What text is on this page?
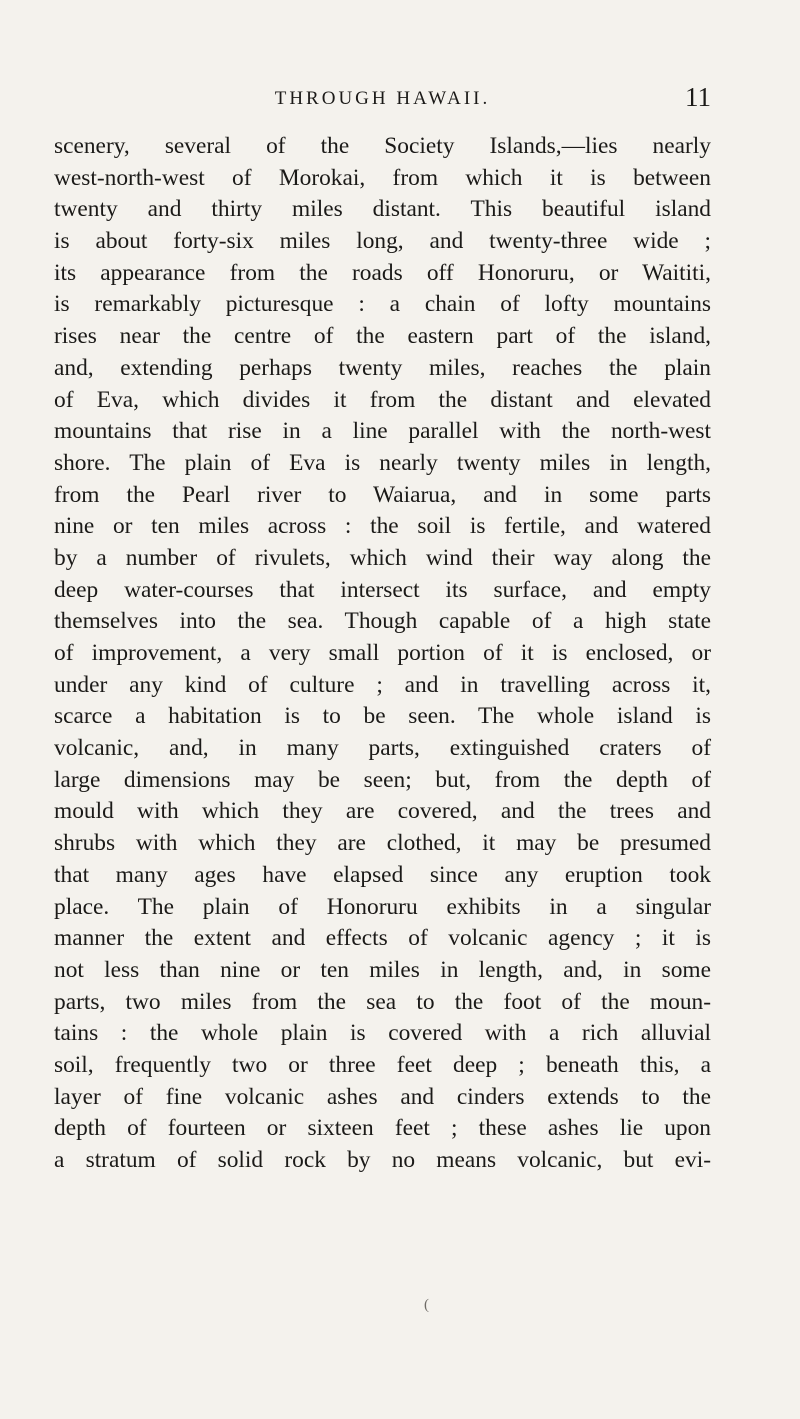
THROUGH HAWAII.	11
scenery, several of the Society Islands,—lies nearly
west-north-west of Morokai, from which it is between
twenty and thirty miles distant. This beautiful island
is about forty-six miles long, and twenty-three wide ;
its appearance from the roads off Honoruru, or Waititi,
is remarkably picturesque : a chain of lofty mountains
rises near the centre of the eastern part of the island,
and, extending perhaps twenty miles, reaches the plain
of Eva, which divides it from the distant and elevated
mountains that rise in a line parallel with the north-west
shore. The plain of Eva is nearly twenty miles in length,
from the Pearl river to Waiarua, and in some parts
nine or ten miles across : the soil is fertile, and watered
by a number of rivulets, which wind their way along the
deep water-courses that intersect its surface, and empty
themselves into the sea. Though capable of a high state
of improvement, a very small portion of it is enclosed, or
under any kind of culture ; and in travelling across it,
scarce a habitation is to be seen. The whole island is
volcanic, and, in many parts, extinguished craters of
large dimensions may be seen; but, from the depth of
mould with which they are covered, and the trees and
shrubs with which they are clothed, it may be presumed
that many ages have elapsed since any eruption took
place. The plain of Honoruru exhibits in a singular
manner the extent and effects of volcanic agency ; it is
not less than nine or ten miles in length, and, in some
parts, two miles from the sea to the foot of the moun-
tains : the whole plain is covered with a rich alluvial
soil, frequently two or three feet deep ; beneath this, a
layer of fine volcanic ashes and cinders extends to the
depth of fourteen or sixteen feet ; these ashes lie upon
a stratum of solid rock by no means volcanic, but evi-
(
